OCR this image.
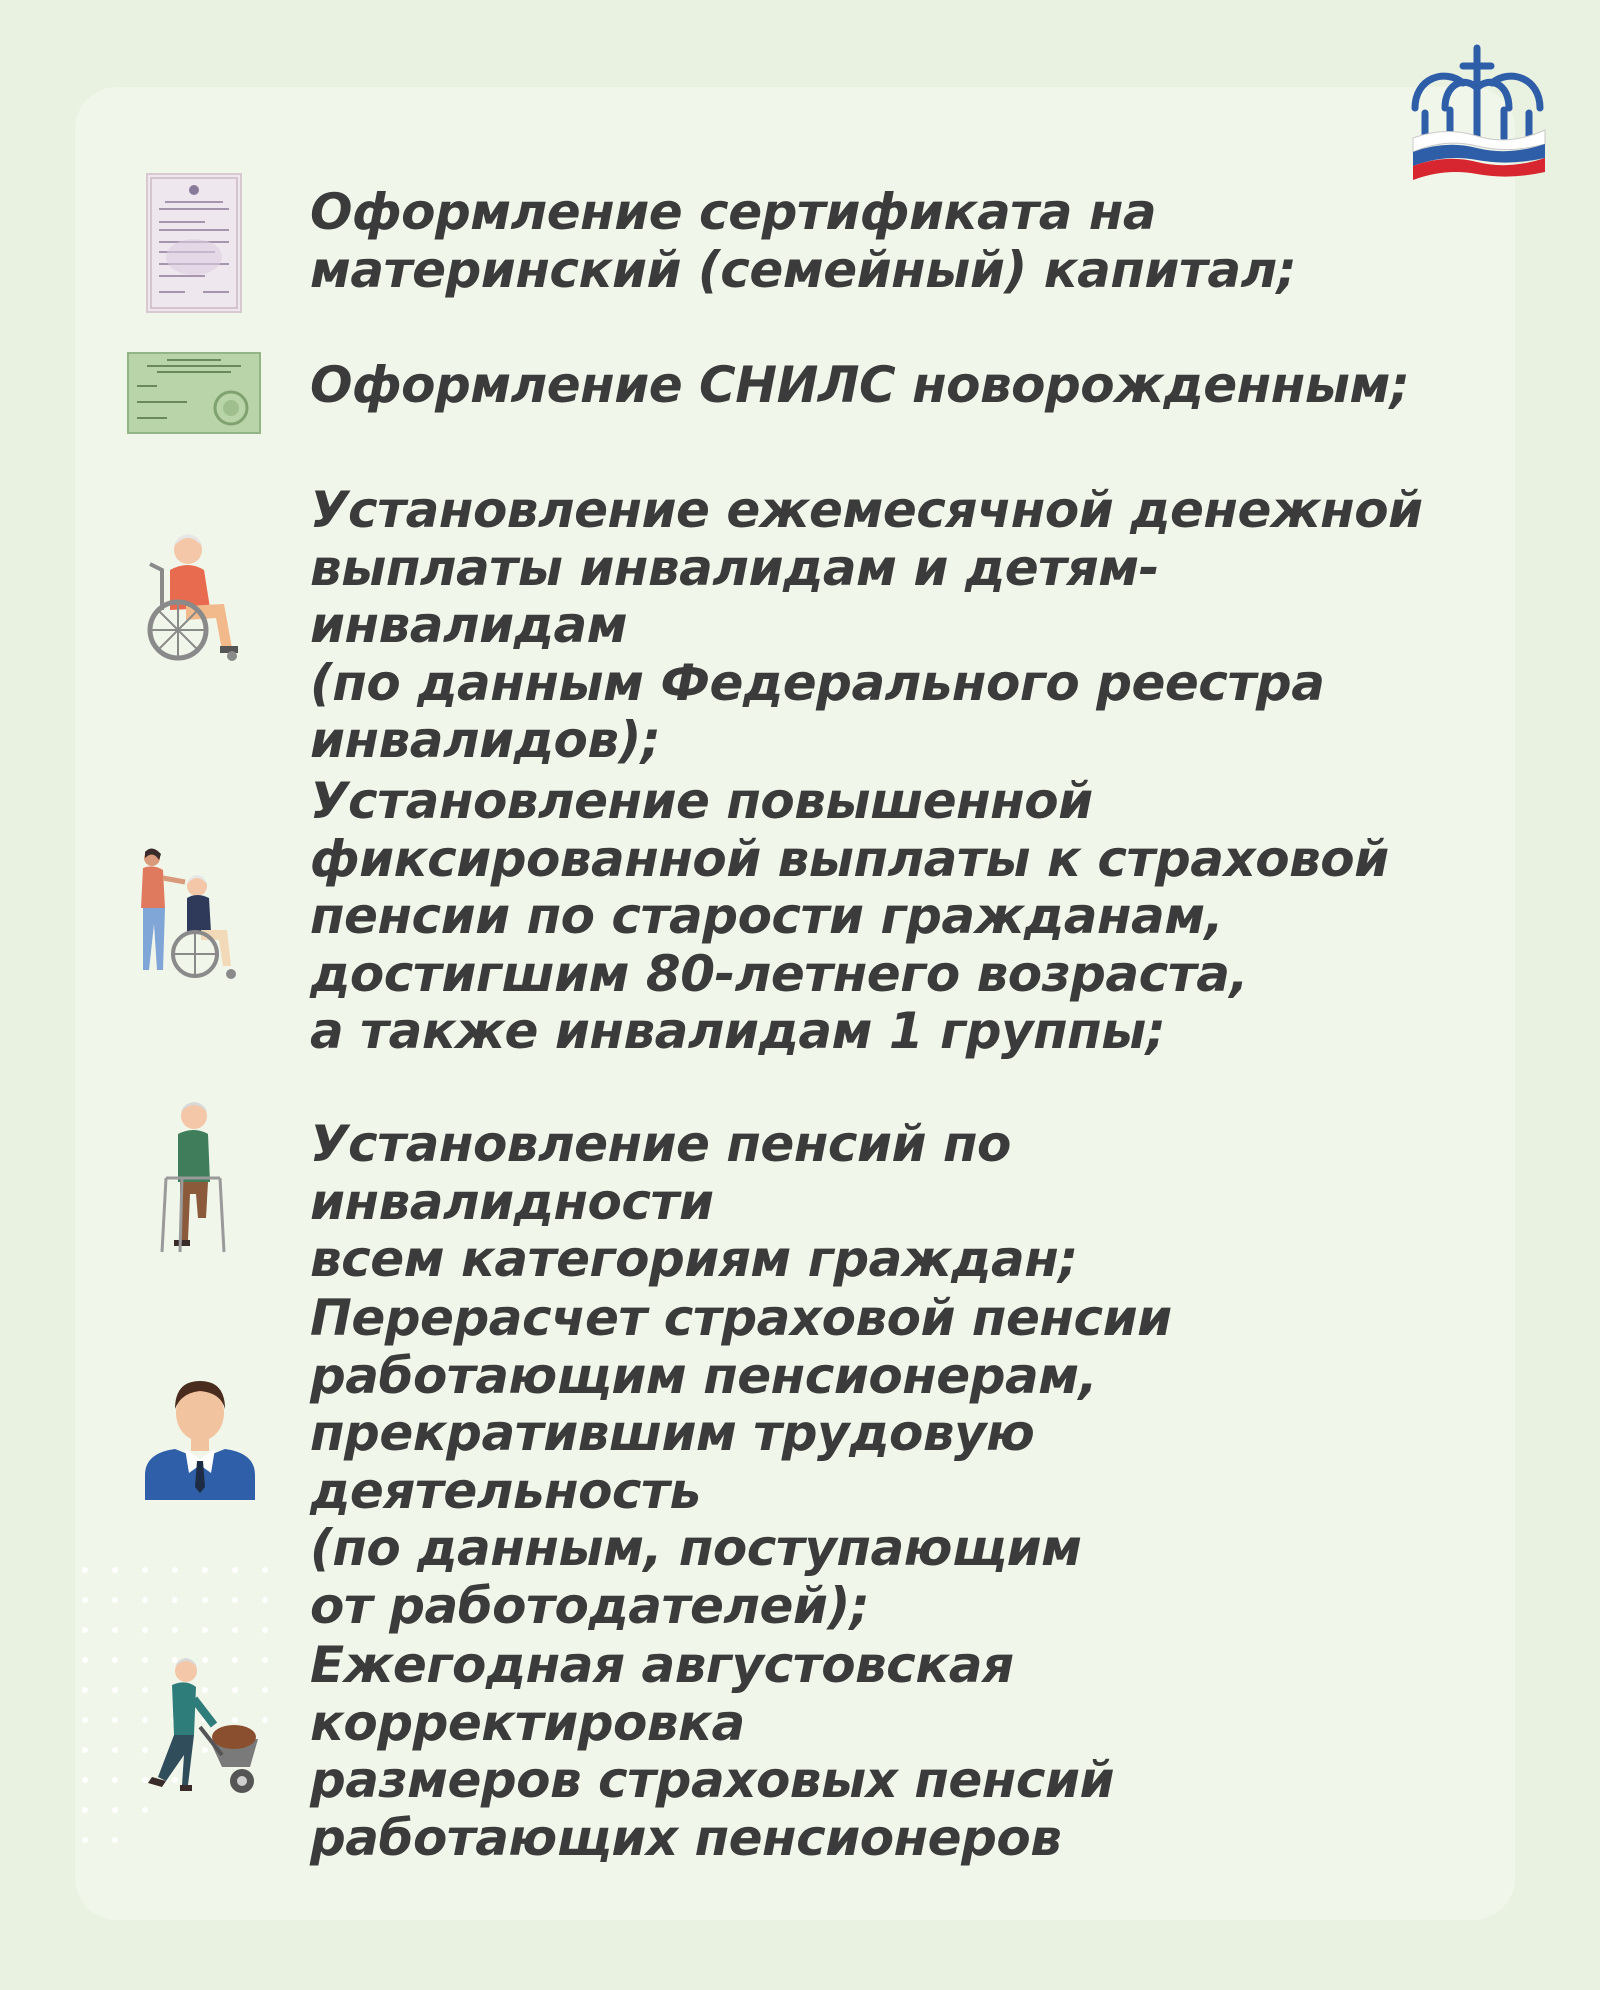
Оформление сертификата на
материнский (семейный) капитал;
Оформление СНИЛС новорожденным;
Установление ежемесячной денежной
выплаты инвалидам и детям-инвалидам
(по данным Федерального реестра
инвалидов);
Установление повышенной
фиксированной выплаты к страховой
пенсии по старости гражданам,
достигшим 80-летнего возраста,
а также инвалидам 1 группы;
Установление пенсий по инвалидности
всем категориям граждан;
Перерасчет страховой пенсии
работающим пенсионерам,
прекратившим трудовую деятельность
(по данным, поступающим
от работодателей);
Ежегодная августовская корректировка
размеров страховых пенсий
работающих пенсионеров
